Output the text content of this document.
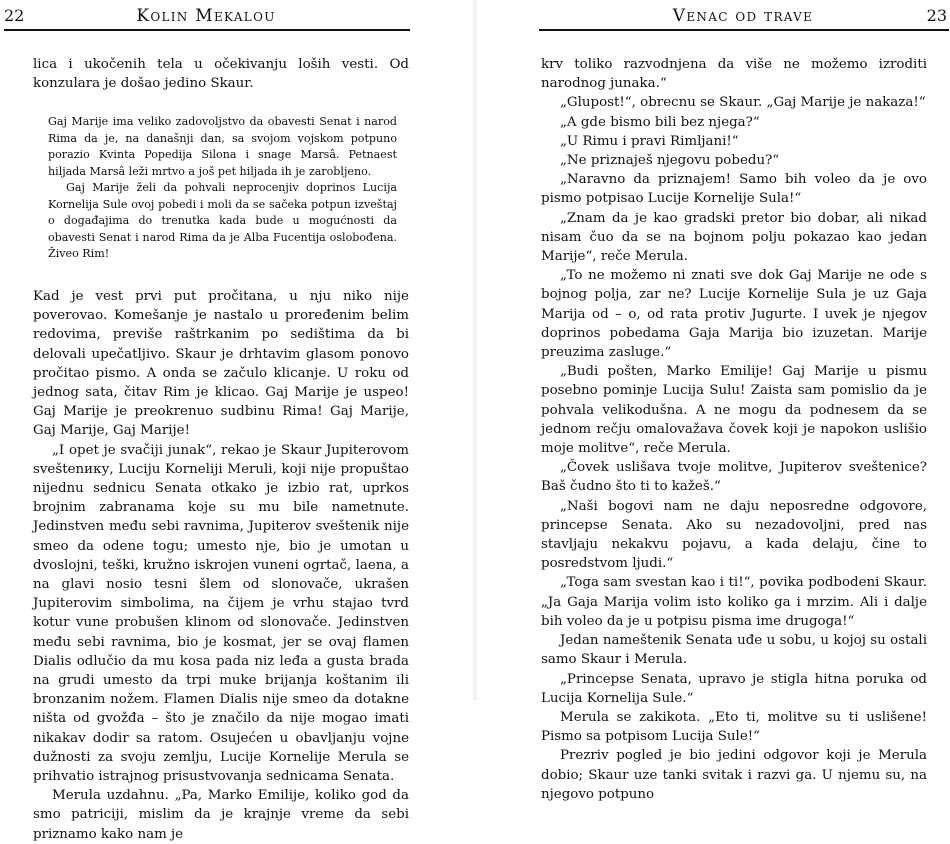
22	Kolin Mekalou

lica i ukočenih tela u očekivanju loših vesti. Od konzulara je došao jedino Skaur.

Gaj Marije ima veliko zadovoljstvo da obavesti Senat i narod Rima da je, na današnji dan, sa svojom vojskom potpuno porazio Kvinta Popedija Silona i snage Marsâ. Petnaest hiljada Marsâ leži mrtvo a još pet hiljada ih je zarobljeno.

Gaj Marije želi da pohvali neprocenjiv doprinos Lucija Kornelija Sule ovoj pobedi i moli da se sačeka potpun izveštaj o događajima do trenutka kada bude u mogućnosti da obavesti Senat i narod Rima da je Alba Fucentija oslobođena. Živeo Rim!

Kad je vest prvi put pročitana, u nju niko nije poverovao. Komešanje je nastalo u proređenim belim redovima, previše raštrkanim po sedištima da bi delovali upečatljivo. Skaur je drhtavim glasom ponovo pročitao pismo. A onda se začulo klicanje. U roku od jednog sata, čitav Rim je klicao. Gaj Marije je uspeo! Gaj Marije je preokrenuo sudbinu Rima! Gaj Marije, Gaj Marije, Gaj Marije!

„I opet je svačiji junak“, rekao je Skaur Jupiterovom sveštenику, Luciju Korneliji Meruli, koji nije propuštao nijednu sednicu Senata otkako je izbio rat, uprkos brojnim zabranama koje su mu bile nametnute. Jedinstven među sebi ravnima, Jupiterov sveštenik nije smeo da odene togu; umesto nje, bio je umotan u dvoslojni, teški, kružno iskrojen vuneni ogrtač, laena, a na glavi nosio tesni šlem od slonovače, ukrašen Jupiterovim simbolima, na čijem je vrhu stajao tvrd kotur vune probušen klinom od slonovače. Jedinstven među sebi ravnima, bio je kosmat, jer se ovaj flamen Dialis odlučio da mu kosa pada niz leđa a gusta brada na grudi umesto da trpi muke brijanja koštanim ili bronzanim nožem. Flamen Dialis nije smeo da dotakne ništa od gvožđa – što je značilo da nije mogao imati nikakav dodir sa ratom. Osujećen u obavljanju vojne dužnosti za svoju zemlju, Lucije Kornelije Merula se prihvatio istrajnog prisustvovanja sednicama Senata.

Merula uzdahnu. „Pa, Marko Emilije, koliko god da smo patriciji, mislim da je krajnje vreme da sebi priznamo kako nam je

Venac od trave	23

krv toliko razvodnjena da više ne možemo izroditi narodnog junaka.“

„Glupost!“, obrecnu se Skaur. „Gaj Marije je nakaza!“

„A gde bismo bili bez njega?“

„U Rimu i pravi Rimljani!“

„Ne priznaješ njegovu pobedu?“

„Naravno da priznajem! Samo bih voleo da je ovo pismo potpisao Lucije Kornelije Sula!“

„Znam da je kao gradski pretor bio dobar, ali nikad nisam čuo da se na bojnom polju pokazao kao jedan Marije“, reče Merula.

„To ne možemo ni znati sve dok Gaj Marije ne ode s bojnog polja, zar ne? Lucije Kornelije Sula je uz Gaja Marija od – o, od rata protiv Jugurte. I uvek je njegov doprinos pobedama Gaja Marija bio izuzetan. Marije preuzima zasluge.“

„Budi pošten, Marko Emilije! Gaj Marije u pismu posebno pominje Lucija Sulu! Zaista sam pomislio da je pohvala velikodušna. A ne mogu da podnesem da se jednom rečju omalovažava čovek koji je napokon uslišio moje molitve“, reče Merula.

„Čovek uslišava tvoje molitve, Jupiterov sveštenice? Baš čudno što ti to kažeš.“

„Naši bogovi nam ne daju neposredne odgovore, princepse Senata. Ako su nezadovoljni, pred nas stavljaju nekakvu pojavu, a kada delaju, čine to posredstvom ljudi.“

„Toga sam svestan kao i ti!“, povika podbodeni Skaur. „Ja Gaja Marija volim isto koliko ga i mrzim. Ali i dalje bih voleo da je u potpisu pisma ime drugoga!“

Jedan nameštenik Senata uđe u sobu, u kojoj su ostali samo Skaur i Merula.

„Princepse Senata, upravo je stigla hitna poruka od Lucija Kornelija Sule.“

Merula se zakikota. „Eto ti, molitve su ti uslišene! Pismo sa potpisom Lucija Sule!“

Prezriv pogled je bio jedini odgovor koji je Merula dobio; Skaur uze tanki svitak i razvi ga. U njemu su, na njegovo potpuno
